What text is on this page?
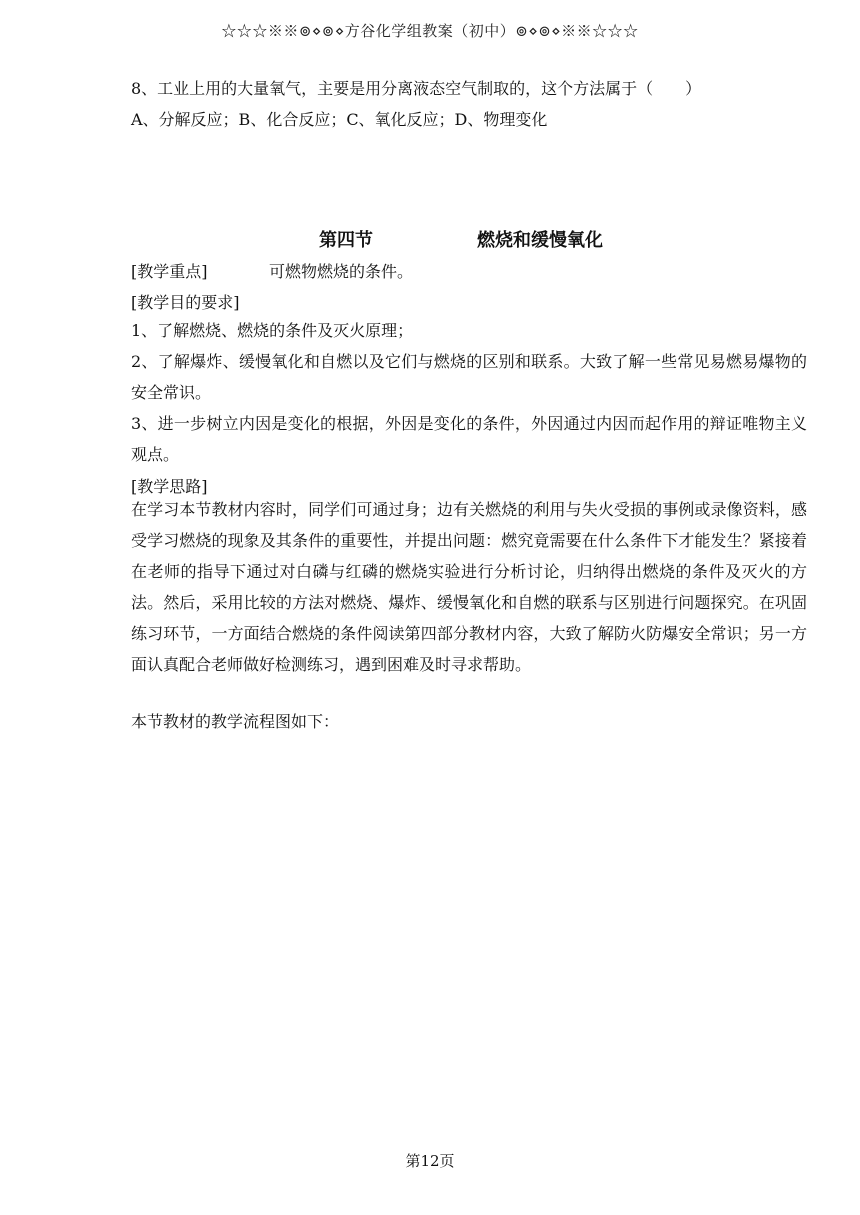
☆☆☆※※⊚⋄⊚⋄方谷化学组教案（初中）⊚⋄⊚⋄※※☆☆☆
8、工业上用的大量氧气，主要是用分离液态空气制取的，这个方法属于（　　）
A、分解反应；B、化合反应；C、氧化反应；D、物理变化
第四节	燃烧和缓慢氧化
[教学重点]	可燃物燃烧的条件。
[教学目的要求]
1、了解燃烧、燃烧的条件及灭火原理；
2、了解爆炸、缓慢氧化和自燃以及它们与燃烧的区别和联系。大致了解一些常见易燃易爆物的安全常识。
3、进一步树立内因是变化的根据，外因是变化的条件，外因通过内因而起作用的辩证唯物主义观点。
[教学思路]
在学习本节教材内容时，同学们可通过身；边有关燃烧的利用与失火受损的事例或录像资料，感受学习燃烧的现象及其条件的重要性，并提出问题：燃究竟需要在什么条件下才能发生？紧接着在老师的指导下通过对白磷与红磷的燃烧实验进行分析讨论，归纳得出燃烧的条件及灭火的方法。然后，采用比较的方法对燃烧、爆炸、缓慢氧化和自燃的联系与区别进行问题探究。在巩固练习环节，一方面结合燃烧的条件阅读第四部分教材内容，大致了解防火防爆安全常识；另一方面认真配合老师做好检测练习，遇到困难及时寻求帮助。
本节教材的教学流程图如下：
第12页
